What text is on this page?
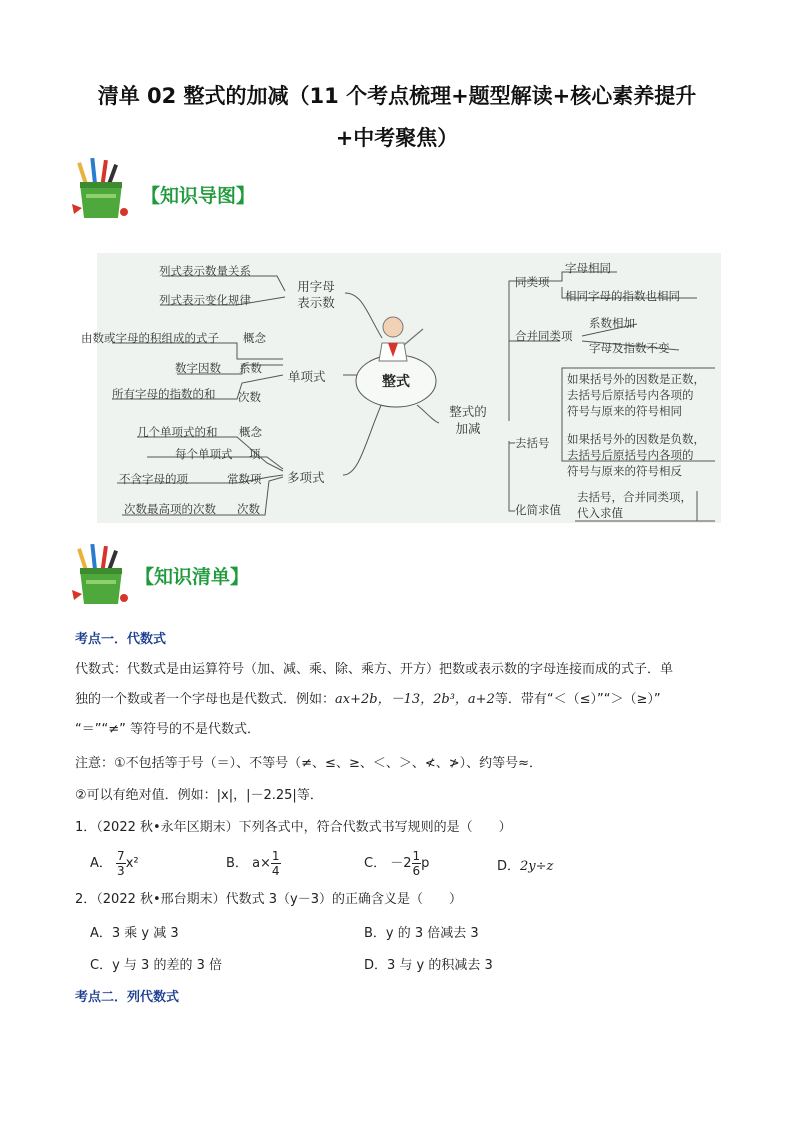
清单 02 整式的加减（11 个考点梳理+题型解读+核心素养提升
+中考聚焦）
【知识导图】
列式表示数量关系
列式表示变化规律
用字母
表示数
由数或字母的积组成的式子 概念
数字因数 系数
所有字母的指数的和 次数
单项式
几个单项式的和 概念
每个单项式 项
不含字母的项	常数项
次数最高项的次数 次数
多项式
整式
整式的
加减
同类项
字母相同
相同字母的指数也相同
合并同类项
系数相加
字母及指数不变
去括号
如果括号外的因数是正数，
去括号后原括号内各项的
符号与原来的符号相同
如果括号外的因数是负数，
去括号后原括号内各项的
符号与原来的符号相反
化简求值
去括号，合并同类项，
代入求值
【知识清单】
考点一．代数式
代数式：代数式是由运算符号（加、减、乘、除、乘方、开方）把数或表示数的字母连接而成的式子．单
独的一个数或者一个字母也是代数式．例如：ax+2b，－13，2b³，a+2等．带有“＜（≤）”“＞（≥）”
“＝”“≠” 等符号的不是代数式．
注意：①不包括等于号（＝）、不等号（≠、≤、≥、＜、＞、≮、≯）、约等号≈．
②可以有绝对值．例如：|x|，|－2.25|等．
1．（2022 秋•永年区期末）下列各式中，符合代数式书写规则的是（　　）
A． $\frac{7}{3} x^2$	B． $a\times \frac{1}{4}$	C． $-2 \frac{1}{6}$ p	D．2y÷z
2．（2022 秋•邢台期末）代数式 3（y－3）的正确含义是（　　）
A．3 乘 y 减 3	B．y 的 3 倍减去 3
C．y 与 3 的差的 3 倍	D．3 与 y 的积减去 3
考点二．列代数式
